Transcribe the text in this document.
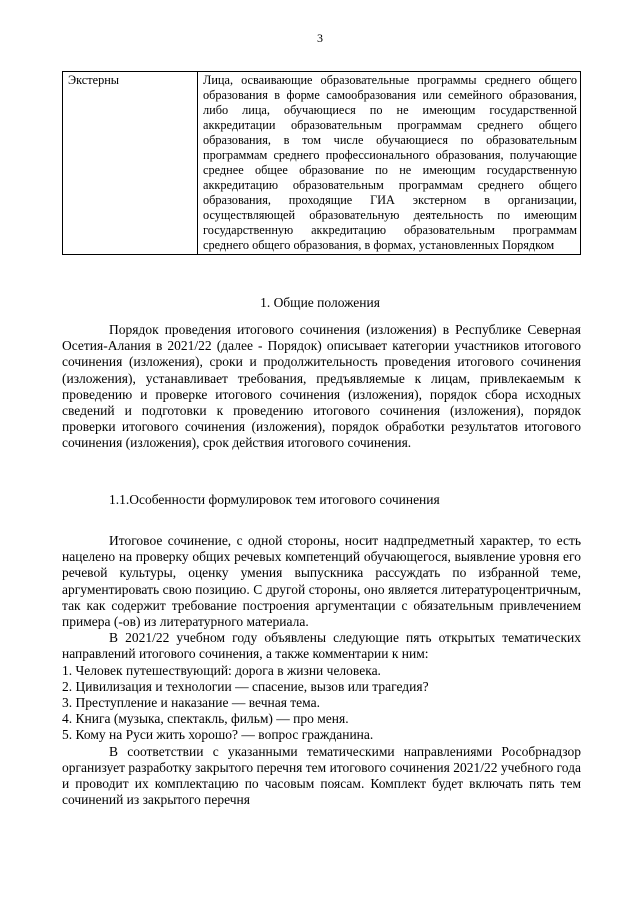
3
Экстерны	Лица, осваивающие образовательные программы среднего общего образования в форме самообразования или семейного образования, либо лица, обучающиеся по не имеющим государственной аккредитации образовательным программам среднего общего образования, в том числе обучающиеся по образовательным программам среднего профессионального образования, получающие среднее общее образование по не имеющим государственную аккредитацию образовательным программам среднего общего образования, проходящие ГИА экстерном в организации, осуществляющей образовательную деятельность по имеющим государственную аккредитацию образовательным программам среднего общего образования, в формах, установленных Порядком
1. Общие положения

Порядок проведения итогового сочинения (изложения) в Республике Северная Осетия-Алания в 2021/22 (далее - Порядок) описывает категории участников итогового сочинения (изложения), сроки и продолжительность проведения итогового сочинения (изложения), устанавливает требования, предъявляемые к лицам, привлекаемым к проведению и проверке итогового сочинения (изложения), порядок сбора исходных сведений и подготовки к проведению итогового сочинения (изложения), порядок проверки итогового сочинения (изложения), порядок обработки результатов итогового сочинения (изложения), срок действия итогового сочинения.

1.1.Особенности формулировок тем итогового сочинения

Итоговое сочинение, с одной стороны, носит надпредметный характер, то есть нацелено на проверку общих речевых компетенций обучающегося, выявление уровня его речевой культуры, оценку умения выпускника рассуждать по избранной теме, аргументировать свою позицию. С другой стороны, оно является литературоцентричным, так как содержит требование построения аргументации с обязательным привлечением примера (-ов) из литературного материала.

В 2021/22 учебном году объявлены следующие пять открытых тематических направлений итогового сочинения, а также комментарии к ним:

1. Человек путешествующий: дорога в жизни человека.
2. Цивилизация и технологии — спасение, вызов или трагедия?
3. Преступление и наказание — вечная тема.
4. Книга (музыка, спектакль, фильм) — про меня.
5. Кому на Руси жить хорошо? — вопрос гражданина.

В соответствии с указанными тематическими направлениями Рособрнадзор организует разработку закрытого перечня тем итогового сочинения 2021/22 учебного года и проводит их комплектацию по часовым поясам. Комплект будет включать пять тем сочинений из закрытого перечня
